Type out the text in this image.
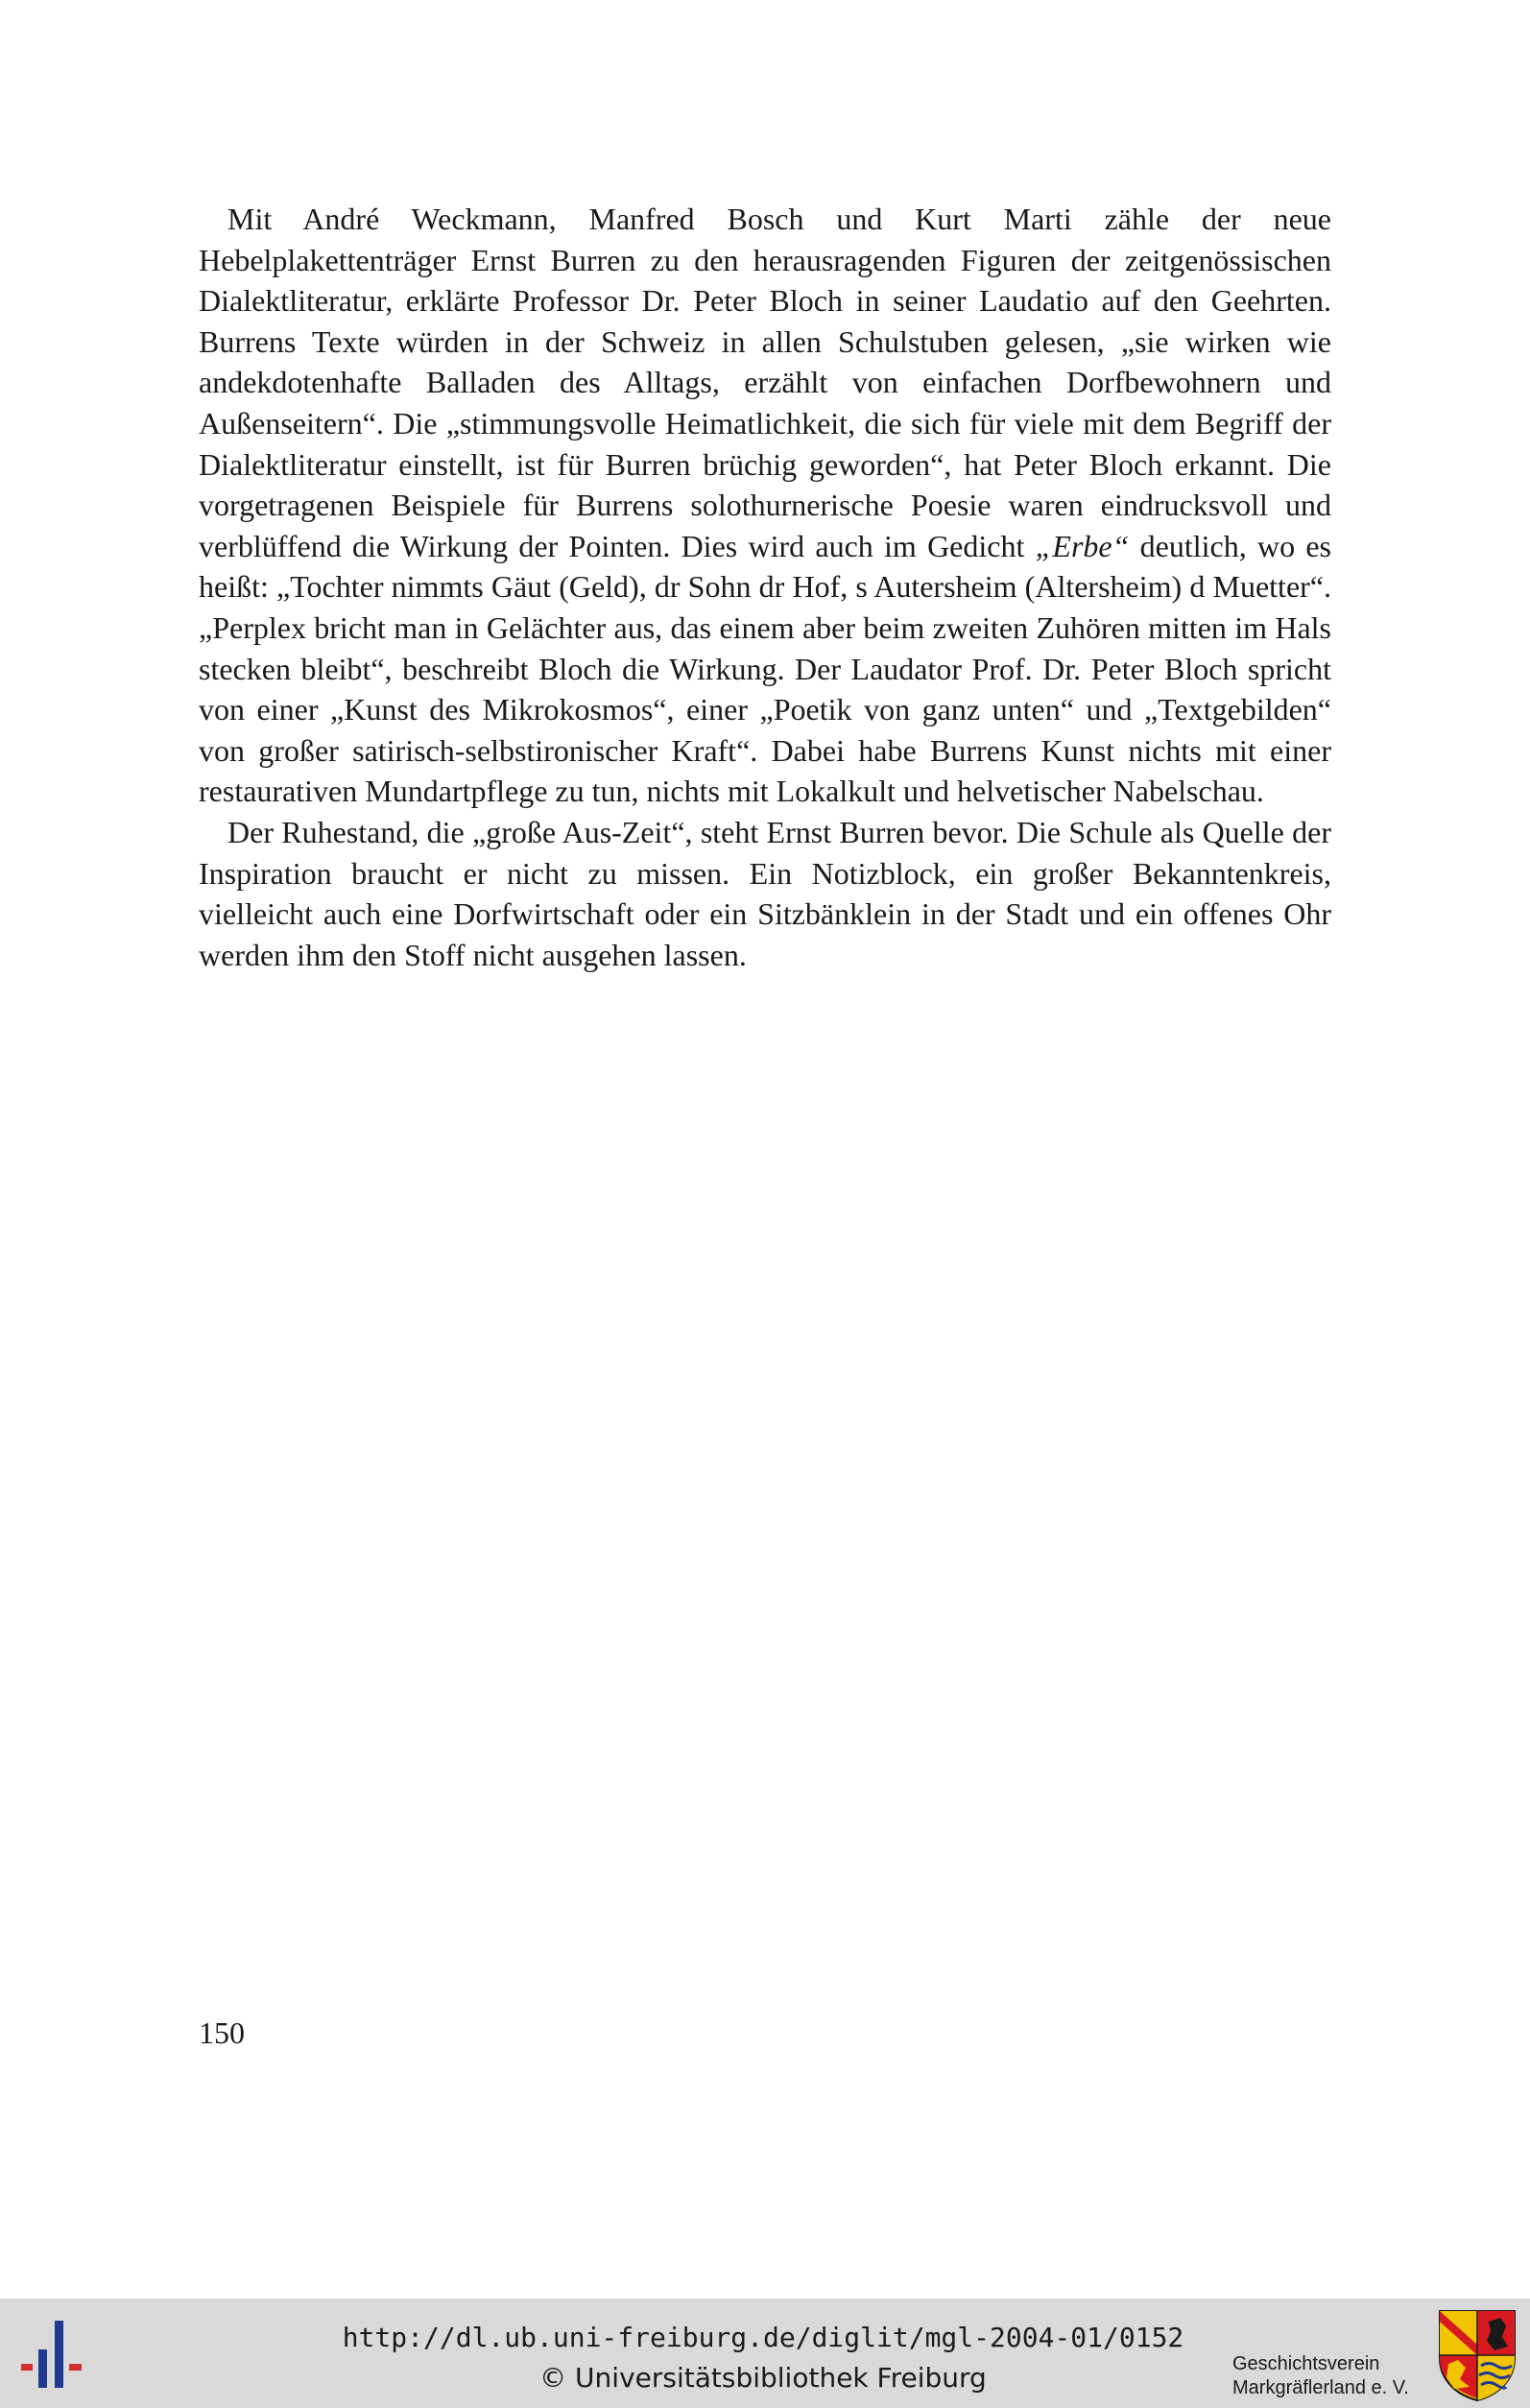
Mit André Weckmann, Manfred Bosch und Kurt Marti zähle der neue Hebelplakettenträger Ernst Burren zu den herausragenden Figuren der zeitgenössischen Dialektliteratur, erklärte Professor Dr. Peter Bloch in seiner Laudatio auf den Geehrten. Burrens Texte würden in der Schweiz in allen Schulstuben gelesen, „sie wirken wie andekdotenhafte Balladen des Alltags, erzählt von einfachen Dorfbewohnern und Außenseitern“. Die „stimmungsvolle Heimatlichkeit, die sich für viele mit dem Begriff der Dialektliteratur einstellt, ist für Burren brüchig geworden“, hat Peter Bloch erkannt. Die vorgetragenen Beispiele für Burrens solothurnerische Poesie waren eindrucksvoll und verblüffend die Wirkung der Pointen. Dies wird auch im Gedicht „Erbe“ deutlich, wo es heißt: „Tochter nimmts Gäut (Geld), dr Sohn dr Hof, s Autersheim (Altersheim) d Muetter“. „Perplex bricht man in Gelächter aus, das einem aber beim zweiten Zuhören mitten im Hals stecken bleibt“, beschreibt Bloch die Wirkung. Der Laudator Prof. Dr. Peter Bloch spricht von einer „Kunst des Mikrokosmos“, einer „Poetik von ganz unten“ und „Textgebilden“ von großer satirisch-selbstironischer Kraft“. Dabei habe Burrens Kunst nichts mit einer restaurativen Mundartpflege zu tun, nichts mit Lokalkult und helvetischer Nabelschau.

Der Ruhestand, die „große Aus-Zeit“, steht Ernst Burren bevor. Die Schule als Quelle der Inspiration braucht er nicht zu missen. Ein Notizblock, ein großer Bekanntenkreis, vielleicht auch eine Dorfwirtschaft oder ein Sitzbänklein in der Stadt und ein offenes Ohr werden ihm den Stoff nicht ausgehen lassen.

150
http://dl.ub.uni-freiburg.de/diglit/mgl-2004-01/0152
© Universitätsbibliothek Freiburg	Geschichtsverein
Markgräflerland e. V.
